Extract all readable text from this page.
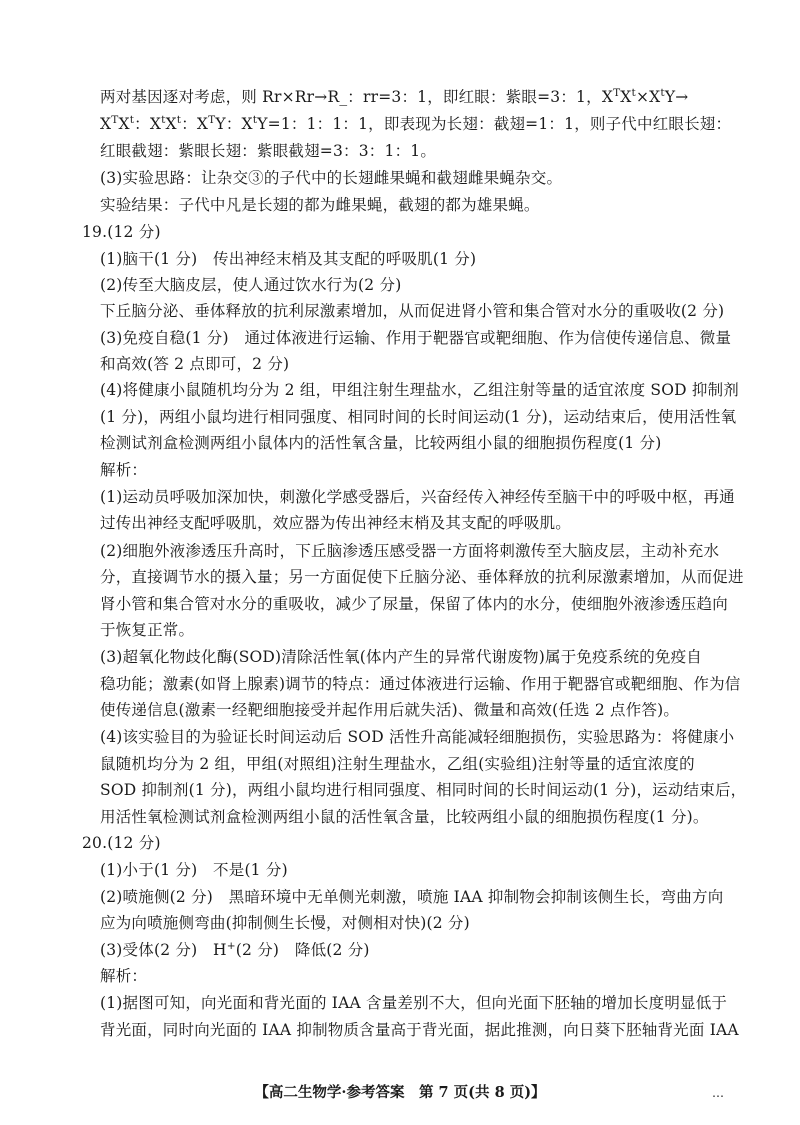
两对基因逐对考虑，则 Rr×Rr→R_：rr=3：1，即红眼：紫眼=3：1，$X^TX^t\times X^tY\to$
$X^TX^t$：$X^tX^t$：$X^TY$：$X^tY=1$：1：1：1，即表现为长翅：截翅=1：1，则子代中红眼长翅：
红眼截翅：紫眼长翅：紫眼截翅=3：3：1：1。
(3)实验思路：让杂交③的子代中的长翅雌果蝇和截翅雌果蝇杂交。
实验结果：子代中凡是长翅的都为雌果蝇，截翅的都为雄果蝇。
19.(12 分)
(1)脑干(1 分)　传出神经末梢及其支配的呼吸肌(1 分)
(2)传至大脑皮层，使人通过饮水行为(2 分)
下丘脑分泌、垂体释放的抗利尿激素增加，从而促进肾小管和集合管对水分的重吸收(2 分)
(3)免疫自稳(1 分)　通过体液进行运输、作用于靶器官或靶细胞、作为信使传递信息、微量
和高效(答 2 点即可，2 分)
(4)将健康小鼠随机均分为 2 组，甲组注射生理盐水，乙组注射等量的适宜浓度 SOD 抑制剂
(1 分)，两组小鼠均进行相同强度、相同时间的长时间运动(1 分)，运动结束后，使用活性氧
检测试剂盒检测两组小鼠体内的活性氧含量，比较两组小鼠的细胞损伤程度(1 分)
解析：
(1)运动员呼吸加深加快，刺激化学感受器后，兴奋经传入神经传至脑干中的呼吸中枢，再通
过传出神经支配呼吸肌，效应器为传出神经末梢及其支配的呼吸肌。
(2)细胞外液渗透压升高时，下丘脑渗透压感受器一方面将刺激传至大脑皮层，主动补充水
分，直接调节水的摄入量；另一方面促使下丘脑分泌、垂体释放的抗利尿激素增加，从而促进
肾小管和集合管对水分的重吸收，减少了尿量，保留了体内的水分，使细胞外液渗透压趋向
于恢复正常。
(3)超氧化物歧化酶(SOD)清除活性氧(体内产生的异常代谢废物)属于免疫系统的免疫自
稳功能；激素(如肾上腺素)调节的特点：通过体液进行运输、作用于靶器官或靶细胞、作为信
使传递信息(激素一经靶细胞接受并起作用后就失活)、微量和高效(任选 2 点作答)。
(4)该实验目的为验证长时间运动后 SOD 活性升高能减轻细胞损伤，实验思路为：将健康小
鼠随机均分为 2 组，甲组(对照组)注射生理盐水，乙组(实验组)注射等量的适宜浓度的
SOD 抑制剂(1 分)，两组小鼠均进行相同强度、相同时间的长时间运动(1 分)，运动结束后，
用活性氧检测试剂盒检测两组小鼠的活性氧含量，比较两组小鼠的细胞损伤程度(1 分)。
20.(12 分)
(1)小于(1 分)　不是(1 分)
(2)喷施侧(2 分)　黑暗环境中无单侧光刺激，喷施 IAA 抑制物会抑制该侧生长，弯曲方向
应为向喷施侧弯曲(抑制侧生长慢，对侧相对快)(2 分)
(3)受体(2 分)　H+(2 分)　降低(2 分)
解析：
(1)据图可知，向光面和背光面的 IAA 含量差别不大，但向光面下胚轴的增加长度明显低于
背光面，同时向光面的 IAA 抑制物质含量高于背光面，据此推测，向日葵下胚轴背光面 IAA
【高二生物学·参考答案　第 7 页(共 8 页)】	…
